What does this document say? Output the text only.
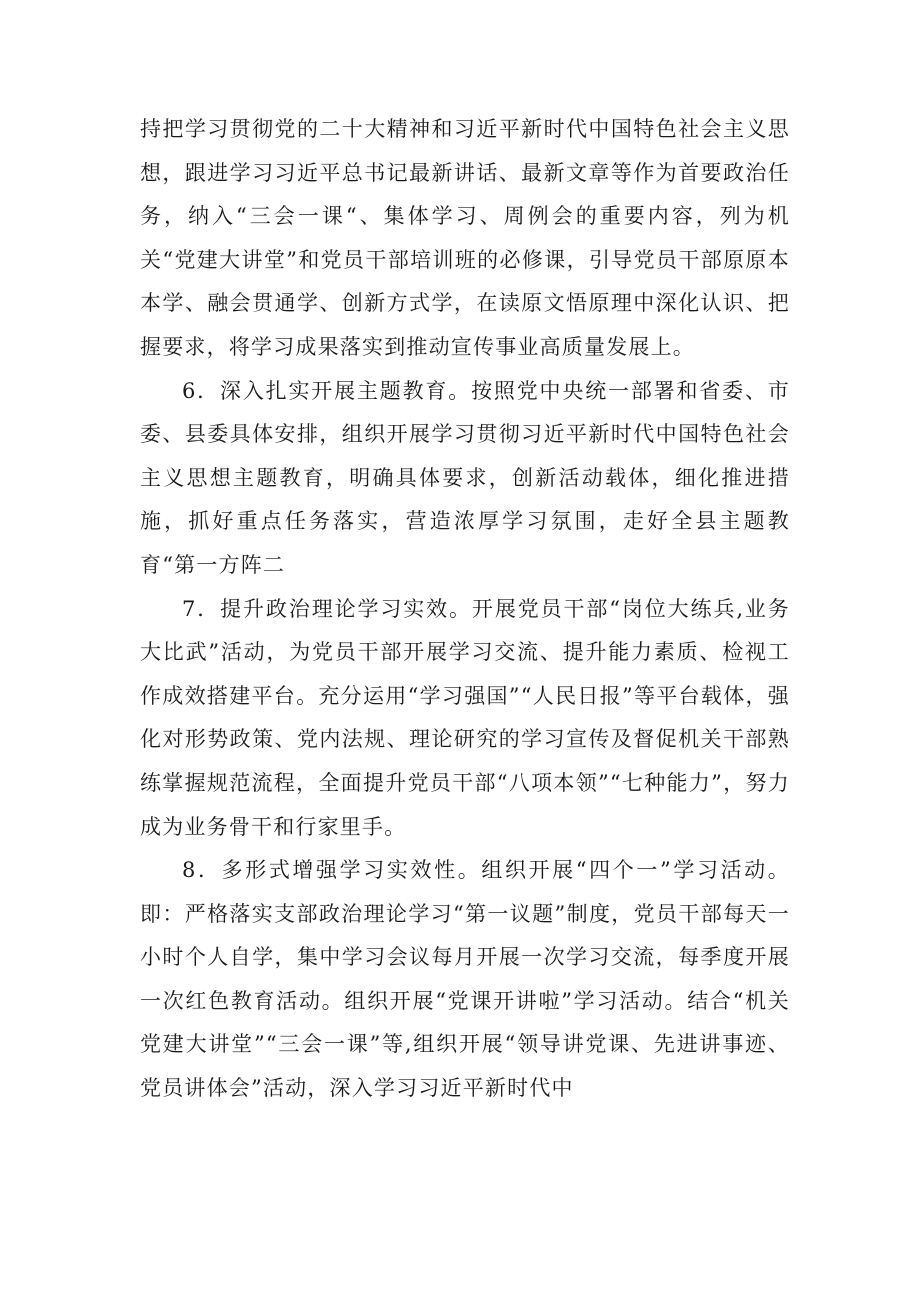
持把学习贯彻党的二十大精神和习近平新时代中国特色社会主义思想，跟进学习习近平总书记最新讲话、最新文章等作为首要政治任务，纳入“三会一课“、集体学习、周例会的重要内容，列为机关“党建大讲堂”和党员干部培训班的必修课，引导党员干部原原本本学、融会贯通学、创新方式学，在读原文悟原理中深化认识、把握要求，将学习成果落实到推动宣传事业高质量发展上。

6．深入扎实开展主题教育。按照党中央统一部署和省委、市委、县委具体安排，组织开展学习贯彻习近平新时代中国特色社会主义思想主题教育，明确具体要求，创新活动载体，细化推进措施，抓好重点任务落实，营造浓厚学习氛围，走好全县主题教育“第一方阵二

7．提升政治理论学习实效。开展党员干部“岗位大练兵,业务大比武”活动，为党员干部开展学习交流、提升能力素质、检视工作成效搭建平台。充分运用“学习强国”“人民日报”等平台载体，强化对形势政策、党内法规、理论研究的学习宣传及督促机关干部熟练掌握规范流程，全面提升党员干部“八项本领”“七种能力”，努力成为业务骨干和行家里手。

8．多形式增强学习实效性。组织开展“四个一”学习活动。即：严格落实支部政治理论学习“第一议题”制度，党员干部每天一小时个人自学，集中学习会议每月开展一次学习交流，每季度开展一次红色教育活动。组织开展“党课开讲啦”学习活动。结合“机关党建大讲堂”“三会一课”等,组织开展“领导讲党课、先进讲事迹、党员讲体会”活动，深入学习习近平新时代中
